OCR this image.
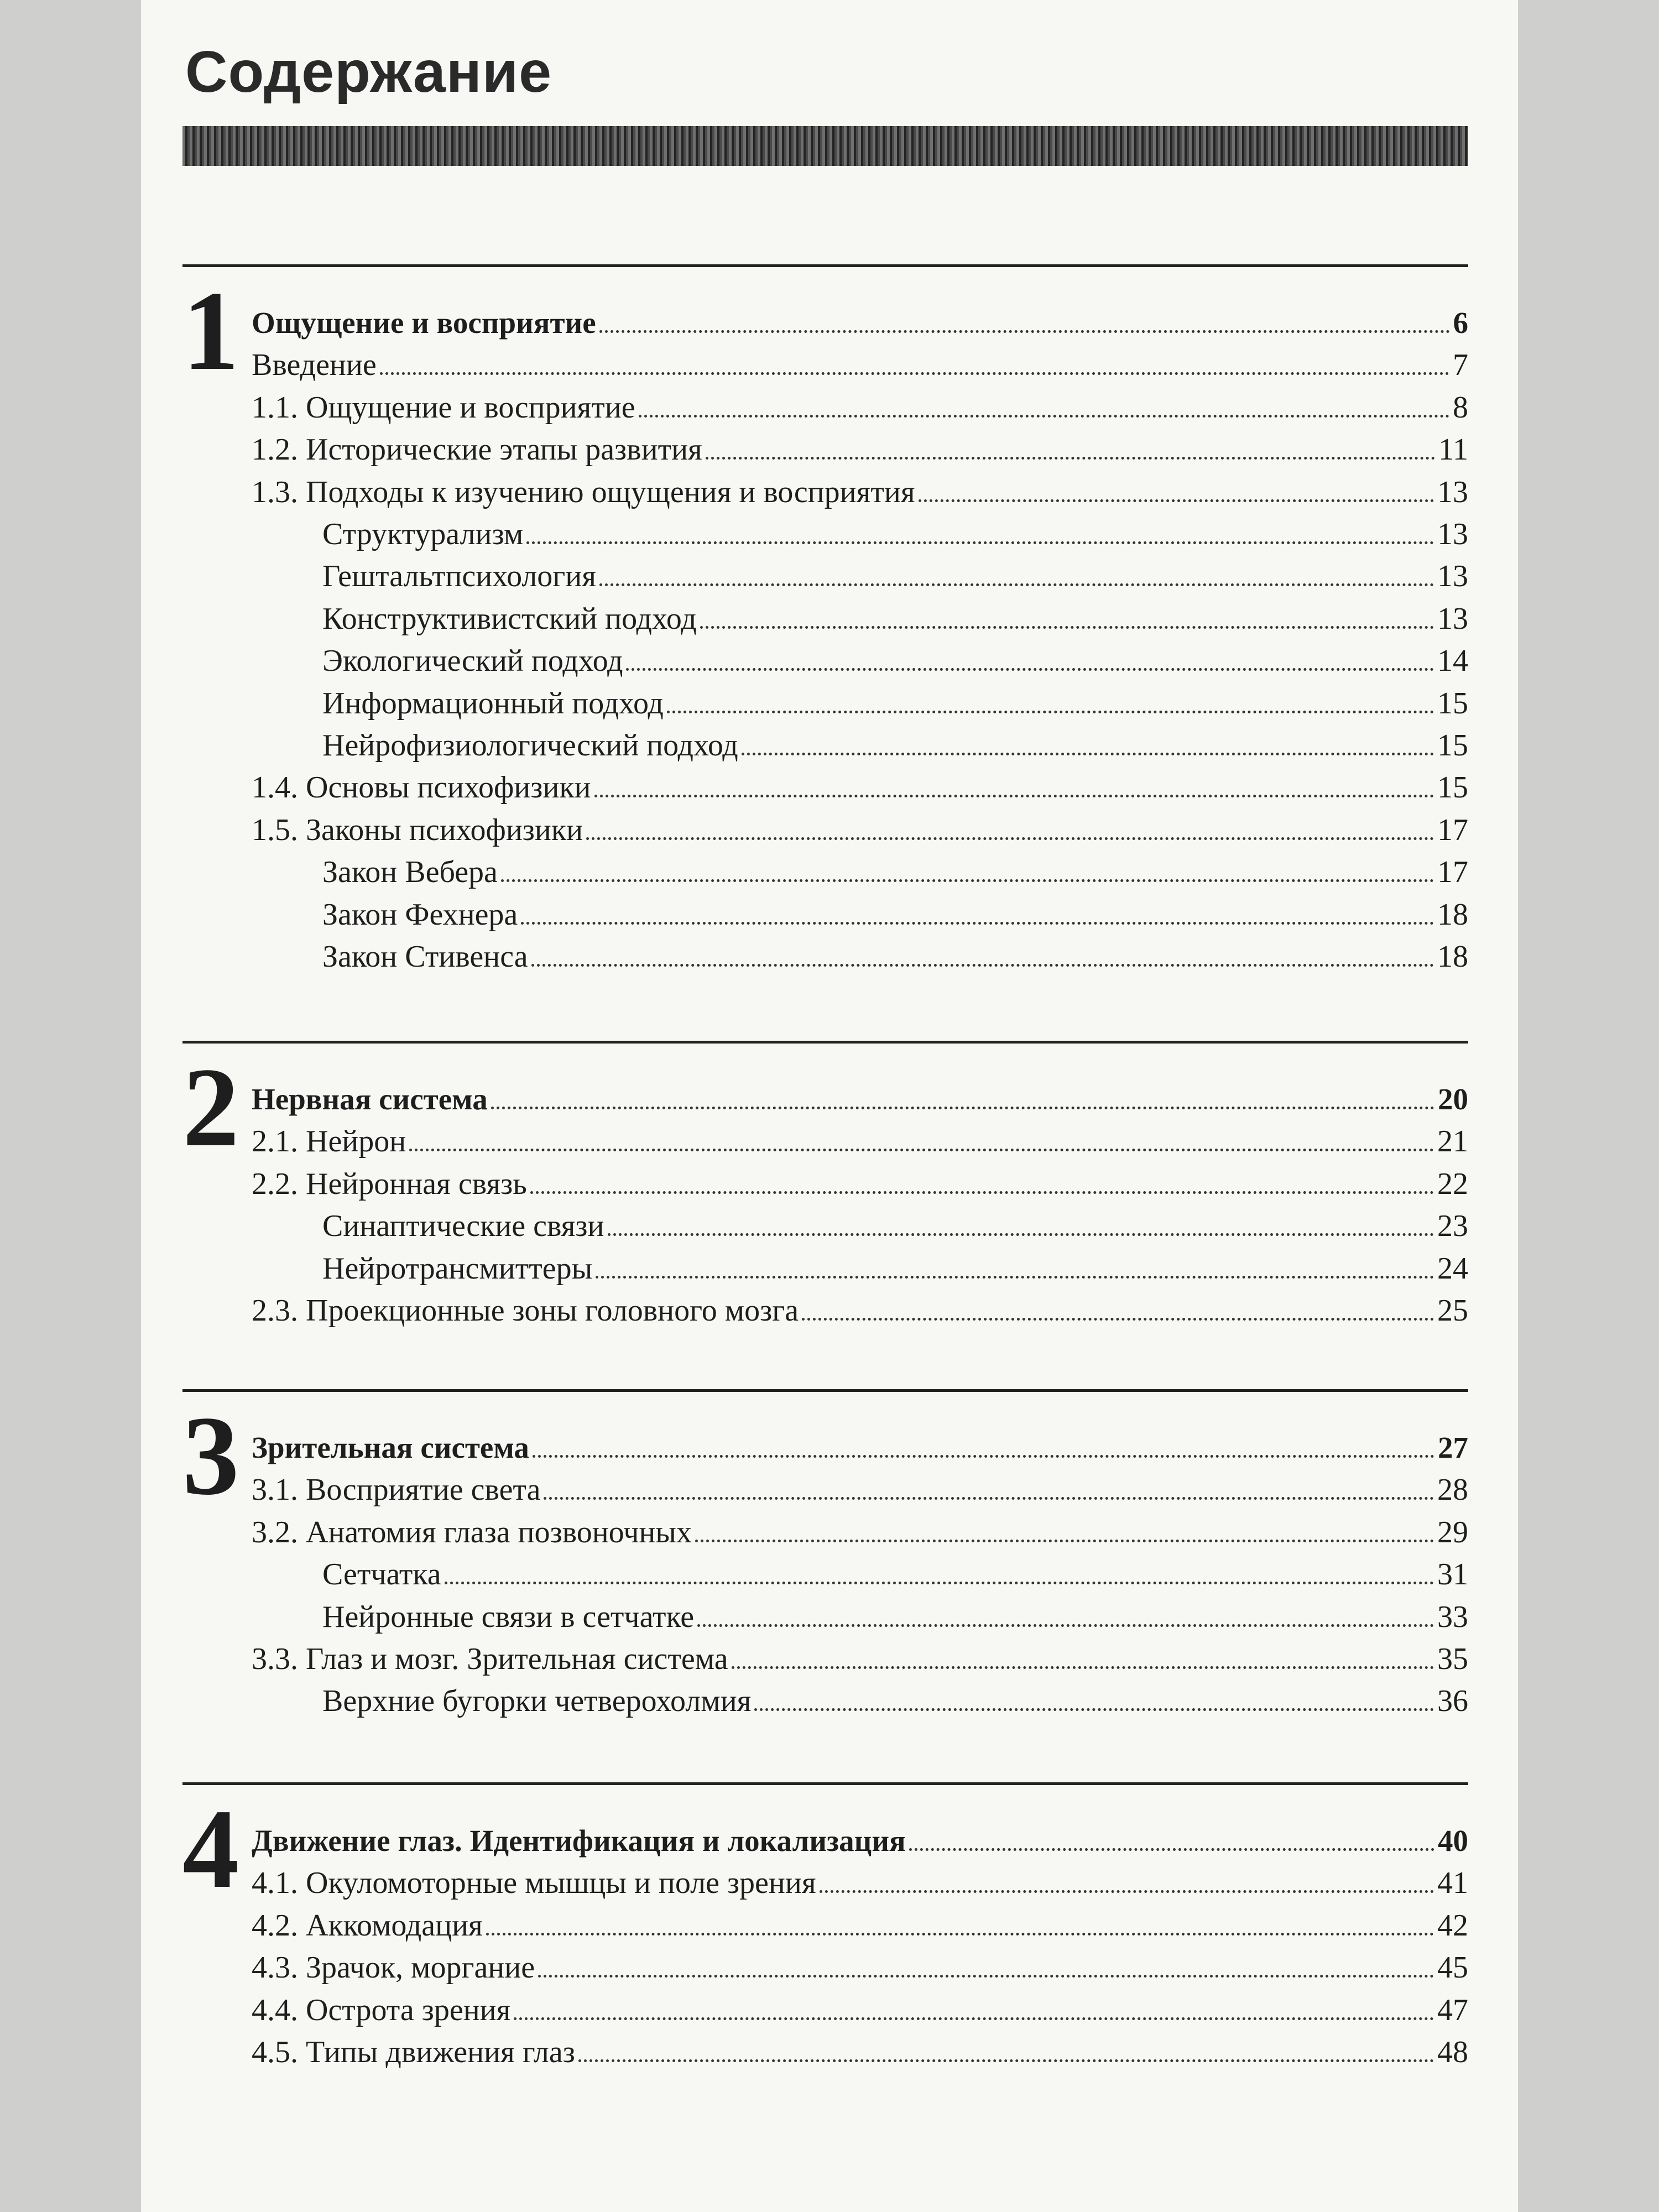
Содержание
1 Ощущение и восприятие	6
Введение	7
1.1. Ощущение и восприятие	8
1.2. Исторические этапы развития	11
1.3. Подходы к изучению ощущения и восприятия	13
Структурализм	13
Гештальтпсихология	13
Конструктивистский подход	13
Экологический подход	14
Информационный подход	15
Нейрофизиологический подход	15
1.4. Основы психофизики	15
1.5. Законы психофизики	17
Закон Вебера	17
Закон Фехнера	18
Закон Стивенса	18
2 Нервная система	20
2.1. Нейрон	21
2.2. Нейронная связь	22
Синаптические связи	23
Нейротрансмиттеры	24
2.3. Проекционные зоны головного мозга	25
3 Зрительная система	27
3.1. Восприятие света	28
3.2. Анатомия глаза позвоночных	29
Сетчатка	31
Нейронные связи в сетчатке	33
3.3. Глаз и мозг. Зрительная система	35
Верхние бугорки четверохолмия	36
4 Движение глаз. Идентификация и локализация	40
4.1. Окуломоторные мышцы и поле зрения	41
4.2. Аккомодация	42
4.3. Зрачок, моргание	45
4.4. Острота зрения	47
4.5. Типы движения глаз	48
